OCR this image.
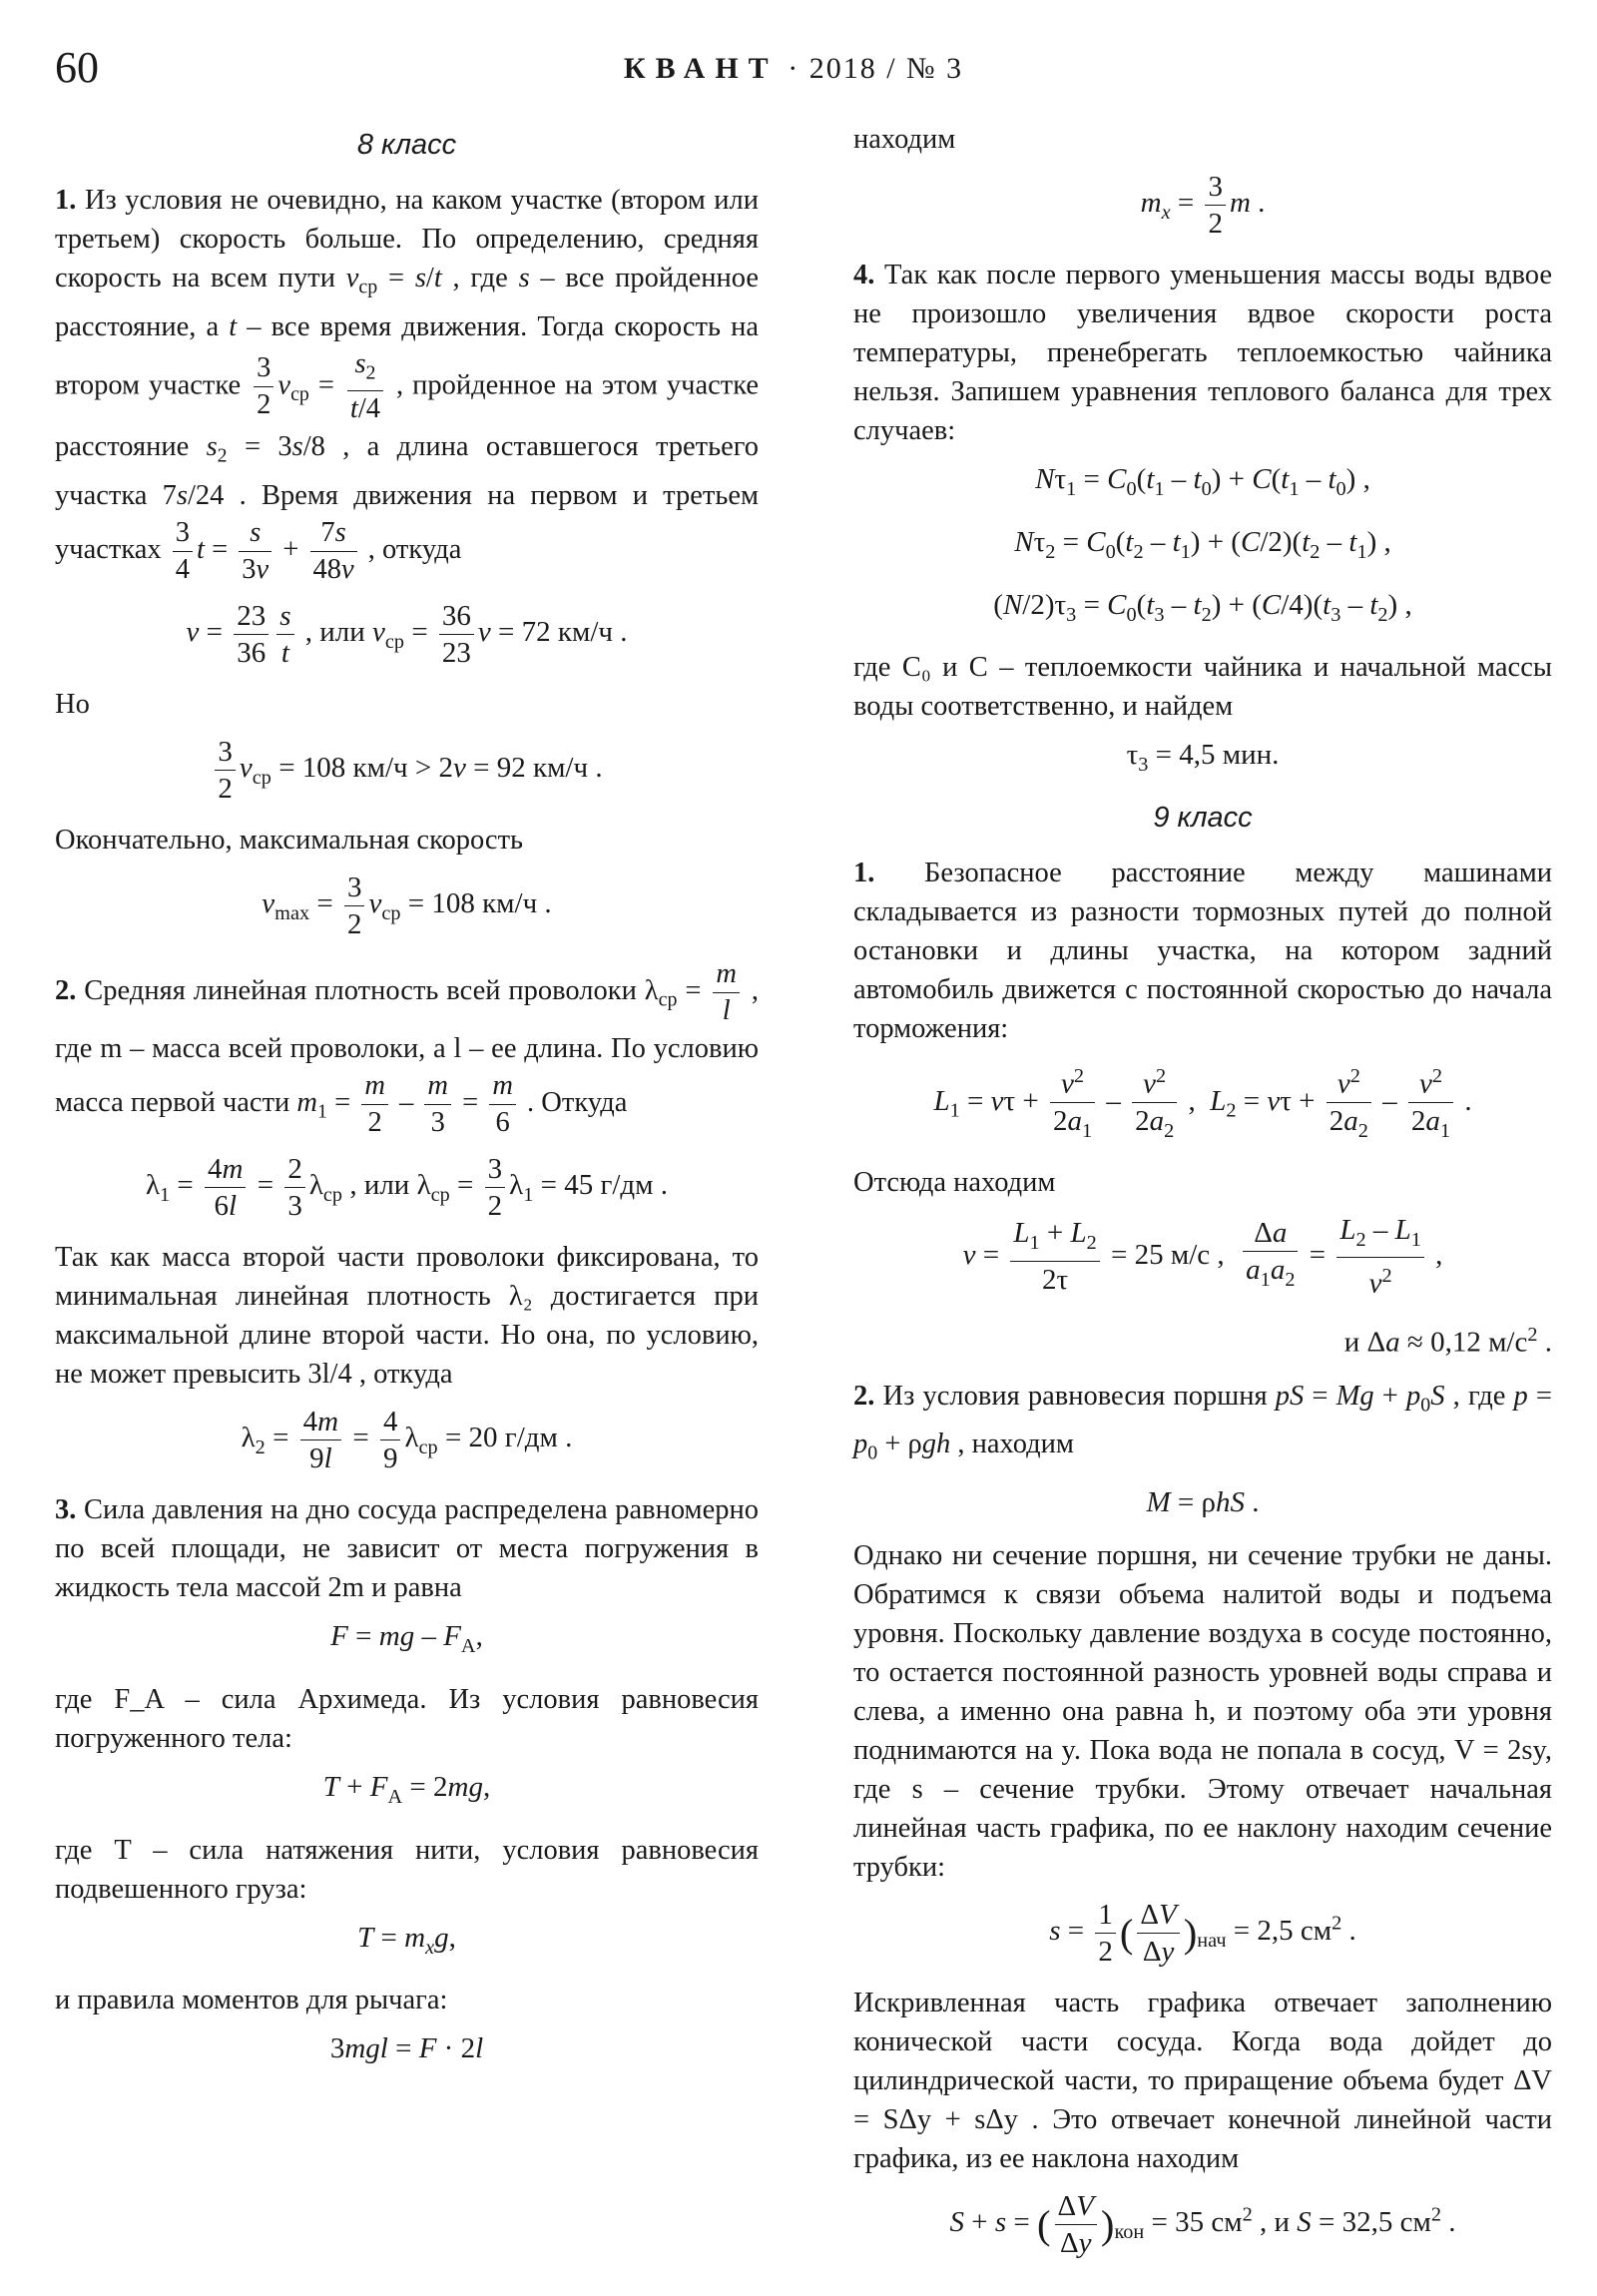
60	КВАНТ · 2018 / № 3
8 класс

1. Из условия не очевидно, на каком участке (втором или третьем) скорость больше. По определению, средняя скорость на всем пути $v_{ср} = s/t$ , где s – все пройденное расстояние, а t – все время движения. Тогда скорость на втором участке $\frac{3}{2} v_{ср} = \frac{s_2}{t/4}$ , пройденное на этом участке расстояние $s_2 = 3s/8$ , а длина оставшегося третьего участка 7s/24 . Время движения на первом и третьем участках $\frac{3}{4}$ $t = \frac{s}{3v} + \frac{7s}{48v}$ , откуда

$v = \frac{23}{36} \frac{s}{t}$ , или $v_{ср} = \frac{36}{23}$ v = 72 км/ч .

Но

$\frac{3}{2} v_{ср} = 108$ км/ч > 2v = 92 км/ч .

Окончательно, максимальная скорость

$v_{max} = \frac{3}{2} v_{ср} = 108$ км/ч .

2. Средняя линейная плотность всей проволоки $\lambda_{ср} = \frac{m}{l}$ , где m – масса всей проволоки, а l – ее длина. По условию масса первой части $m_1 = \frac{m}{2} - \frac{m}{3} = \frac{m}{6}$ . Откуда

$\lambda_1 = \frac{4m}{6l} = \frac{2}{3} \lambda_{ср}$ , или $\lambda_{ср} = \frac{3}{2} \lambda_1 = 45$ г/дм .

Так как масса второй части проволоки фиксирована, то минимальная линейная плотность λ₂ достигается при максимальной длине второй части. Но она, по условию, не может превысить 3l/4 , откуда

$\lambda_2 = \frac{4m}{9l} = \frac{4}{9} \lambda_{ср} = 20$ г/дм .

3. Сила давления на дно сосуда распределена равномерно по всей площади, не зависит от места погружения в жидкость тела массой 2m и равна

F = mg – $F_A$,

где F_A – сила Архимеда. Из условия равновесия погруженного тела:

$T + F_A = 2mg$,

где T – сила натяжения нити, условия равновесия подвешенного груза:

$T = m_xg$,

и правила моментов для рычага:

3mgl = F · 2l

находим

$m_x = \frac{3}{2}$ m .

4. Так как после первого уменьшения массы воды вдвое не произошло увеличения вдвое скорости роста температуры, пренебрегать теплоемкостью чайника нельзя. Запишем уравнения теплового баланса для трех случаев:

$N\tau_1 = C_0(t_1 - t_0) + C(t_1 - t_0)$ ,
$N\tau_2 = C_0(t_2 - t_1) + (C/2)(t_2 - t_1)$ ,
$(N/2)\tau_3 = C_0(t_3 - t_2) + (C/4)(t_3 - t_2)$ ,

где C₀ и C – теплоемкости чайника и начальной массы воды соответственно, и найдем

$\tau_3 = 4,5$ мин.
9 класс

1. Безопасное расстояние между машинами складывается из разности тормозных путей до полной остановки и длины участка, на котором задний автомобиль движется с постоянной скоростью до начала торможения:

$L_1 = v\tau + \frac{v^2}{2a_1} - \frac{v^2}{2a_2}$ ,  $L_2 = v\tau + \frac{v^2}{2a_2} - \frac{v^2}{2a_1}$ .

Отсюда находим

$v = \frac{L_1 + L_2}{2\tau} = 25$ м/с , $\frac{\Delta a}{a_1a_2} = \frac{L_2 - L_1}{v^2}$ ,
и Δa ≈ 0,12 $м/с^2$ .

2. Из условия равновесия поршня pS = $Mg + p_0S$ , где $p = p_0 + \rho gh$ , находим

M = ρhS .

Однако ни сечение поршня, ни сечение трубки не даны. Обратимся к связи объема налитой воды и подъема уровня. Поскольку давление воздуха в сосуде постоянно, то остается постоянной разность уровней воды справа и слева, а именно она равна h, и поэтому оба эти уровня поднимаются на y. Пока вода не попала в сосуд, V = 2sy, где s – сечение трубки. Этому отвечает начальная линейная часть графика, по ее наклону находим сечение трубки:

$s = \frac{1}{2}$ ( $\frac{\Delta V}{\Delta y} )_{нач} = 2,5$ $см^2$ .

Искривленная часть графика отвечает заполнению конической части сосуда. Когда вода дойдет до цилиндрической части, то приращение объема будет ΔV = SΔy + sΔy . Это отвечает конечной линейной части графика, из ее наклона находим

S + s = ( $\frac{\Delta V}{\Delta y} )_{кон} = 35$ $см^2$ , и S = 32,5 $см^2$ .
